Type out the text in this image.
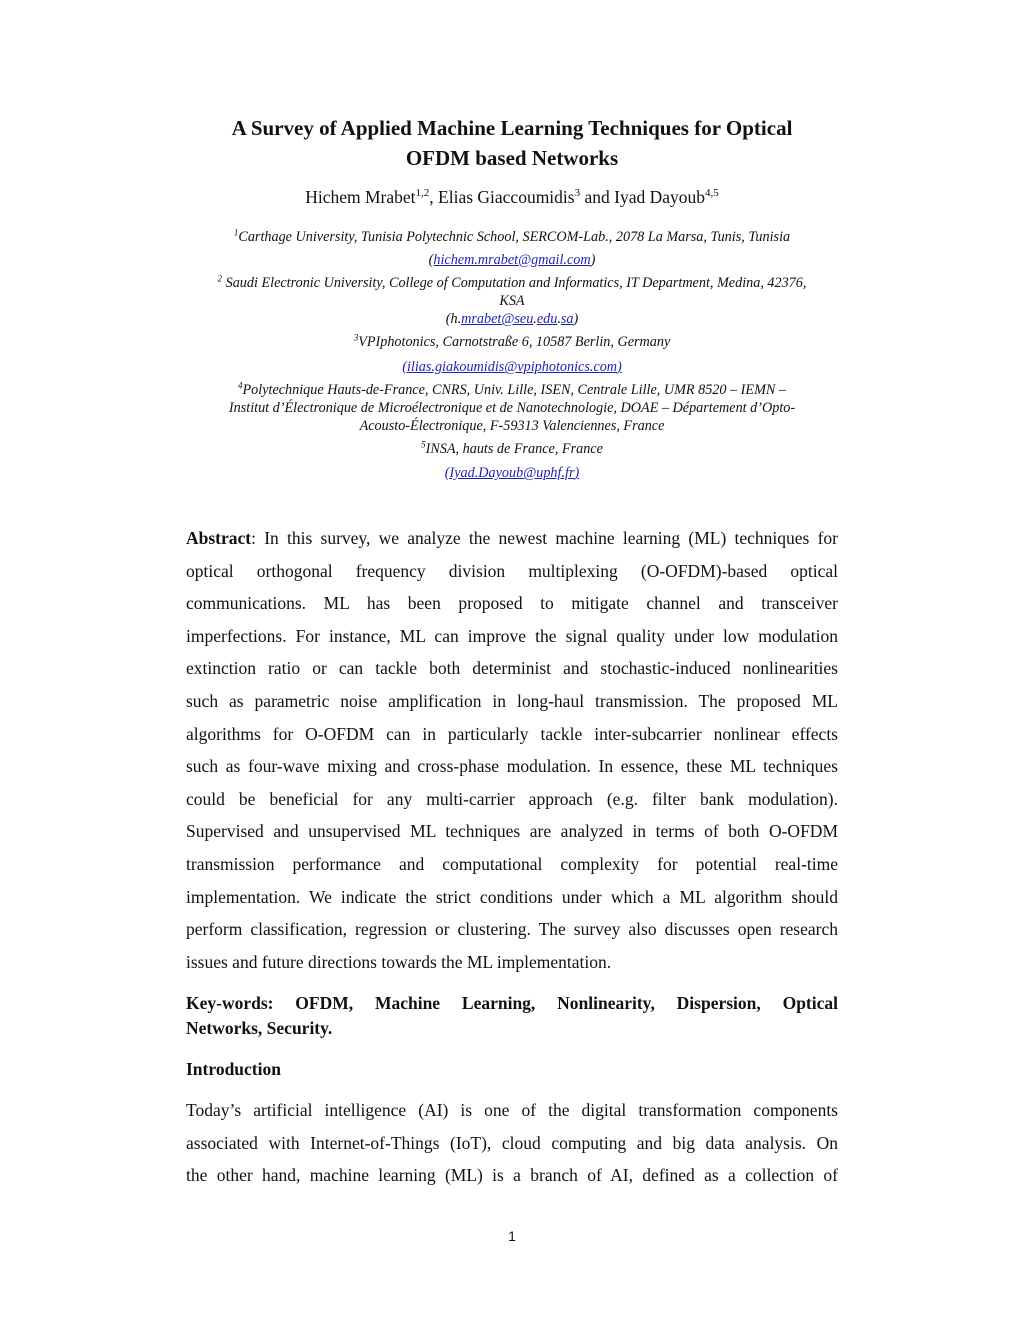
A Survey of Applied Machine Learning Techniques for Optical
OFDM based Networks
Hichem Mrabet$^{1,2}$, Elias Giaccoumidis$^3$ and Iyad Dayoub$^{4,5}$
$^1$Carthage University, Tunisia Polytechnic School, SERCOM-Lab., 2078 La Marsa, Tunis, Tunisia
(hichem.mrabet@gmail.com)
$^2$ Saudi Electronic University, College of Computation and Informatics, IT Department, Medina, 42376,
KSA
(h.mrabet@seu.edu.sa)
$^3$VPIphotonics, Carnotstraße 6, 10587 Berlin, Germany
(ilias.giakoumidis@vpiphotonics.com)
$^4$Polytechnique Hauts-de-France, CNRS, Univ. Lille, ISEN, Centrale Lille, UMR 8520 – IEMN –
Institut d’Électronique de Microélectronique et de Nanotechnologie, DOAE – Département d’Opto-
Acousto-Électronique, F-59313 Valenciennes, France
$^5$INSA, hauts de France, France
(Iyad.Dayoub@uphf.fr)
Abstract: In this survey, we analyze the newest machine learning (ML) techniques for
optical orthogonal frequency division multiplexing (O-OFDM)-based optical
communications. ML has been proposed to mitigate channel and transceiver
imperfections. For instance, ML can improve the signal quality under low modulation
extinction ratio or can tackle both determinist and stochastic-induced nonlinearities
such as parametric noise amplification in long-haul transmission. The proposed ML
algorithms for O-OFDM can in particularly tackle inter-subcarrier nonlinear effects
such as four-wave mixing and cross-phase modulation. In essence, these ML techniques
could be beneficial for any multi-carrier approach (e.g. filter bank modulation).
Supervised and unsupervised ML techniques are analyzed in terms of both O-OFDM
transmission performance and computational complexity for potential real-time
implementation. We indicate the strict conditions under which a ML algorithm should
perform classification, regression or clustering. The survey also discusses open research
issues and future directions towards the ML implementation.
Key-words: OFDM, Machine Learning, Nonlinearity, Dispersion, Optical
Networks, Security.
Introduction
Today’s artificial intelligence (AI) is one of the digital transformation components
associated with Internet-of-Things (IoT), cloud computing and big data analysis. On
the other hand, machine learning (ML) is a branch of AI, defined as a collection of
1
